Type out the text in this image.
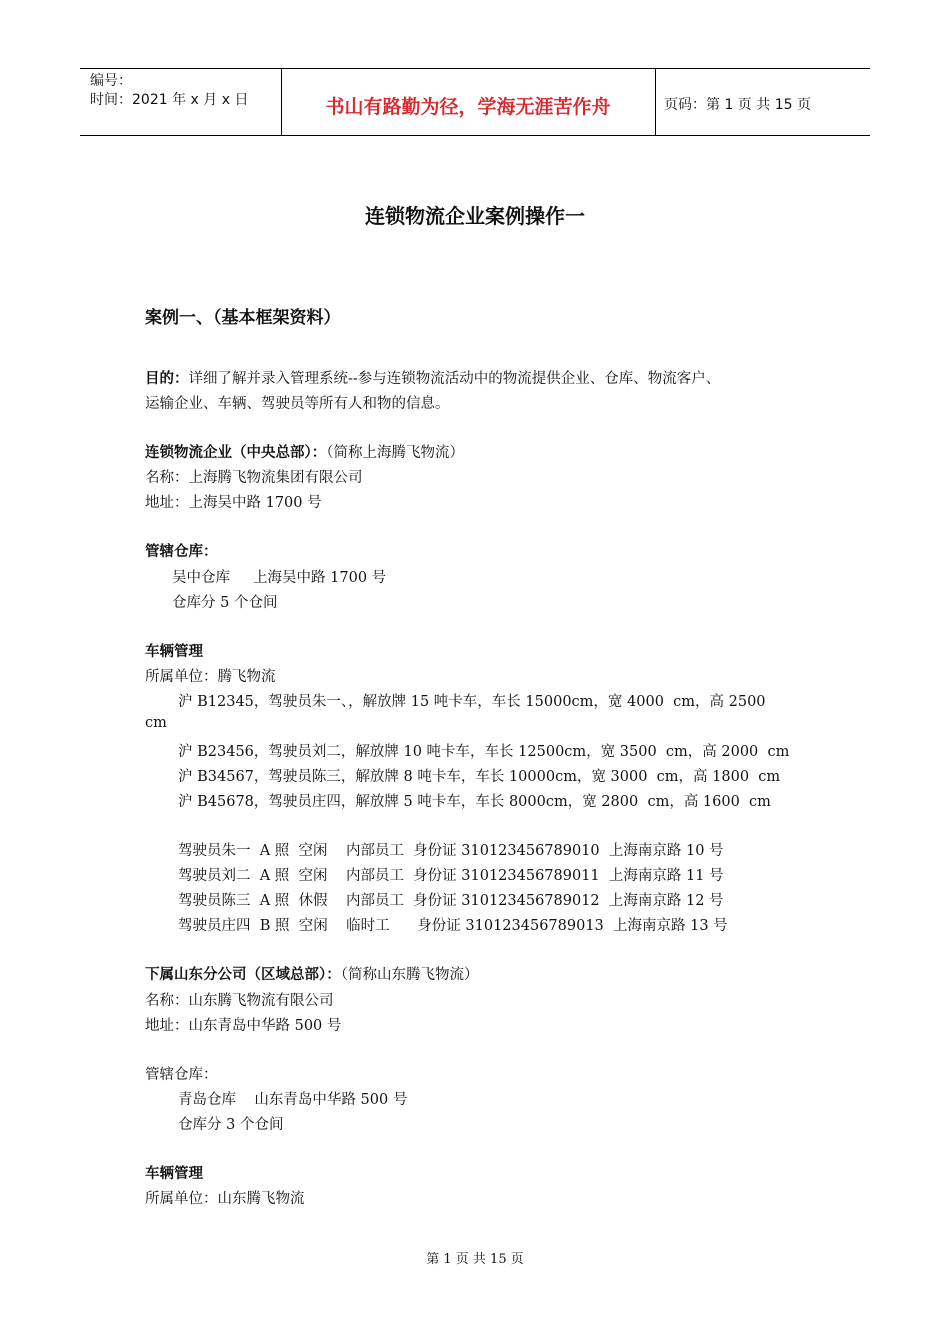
编号：
时间：2021 年 x 月 x 日	书山有路勤为径，学海无涯苦作舟	页码：第 1 页 共 15 页
连锁物流企业案例操作一
案例一、（基本框架资料）
目的：详细了解并录入管理系统--参与连锁物流活动中的物流提供企业、仓库、物流客户、
运输企业、车辆、驾驶员等所有人和物的信息。
连锁物流企业（中央总部）：（简称上海腾飞物流）
名称：上海腾飞物流集团有限公司
地址：上海吴中路 1700 号
管辖仓库：
吴中仓库     上海吴中路 1700 号
仓库分 5 个仓间
车辆管理
所属单位：腾飞物流
沪 B12345，驾驶员朱一、，解放牌 15 吨卡车，车长 15000cm，宽 4000  cm，高 2500
cm
沪 B23456，驾驶员刘二，解放牌 10 吨卡车，车长 12500cm，宽 3500  cm，高 2000  cm
沪 B34567，驾驶员陈三，解放牌 8 吨卡车，车长 10000cm，宽 3000  cm，高 1800  cm
沪 B45678，驾驶员庄四，解放牌 5 吨卡车，车长 8000cm，宽 2800  cm，高 1600  cm
驾驶员朱一  A 照  空闲    内部员工  身份证 310123456789010  上海南京路 10 号
驾驶员刘二  A 照  空闲    内部员工  身份证 310123456789011  上海南京路 11 号
驾驶员陈三  A 照  休假    内部员工  身份证 310123456789012  上海南京路 12 号
驾驶员庄四  B 照  空闲    临时工      身份证 310123456789013  上海南京路 13 号
下属山东分公司（区域总部）：（简称山东腾飞物流）
名称：山东腾飞物流有限公司
地址：山东青岛中华路 500 号
管辖仓库：
青岛仓库    山东青岛中华路 500 号
仓库分 3 个仓间
车辆管理
所属单位：山东腾飞物流
第 1 页 共 15 页
